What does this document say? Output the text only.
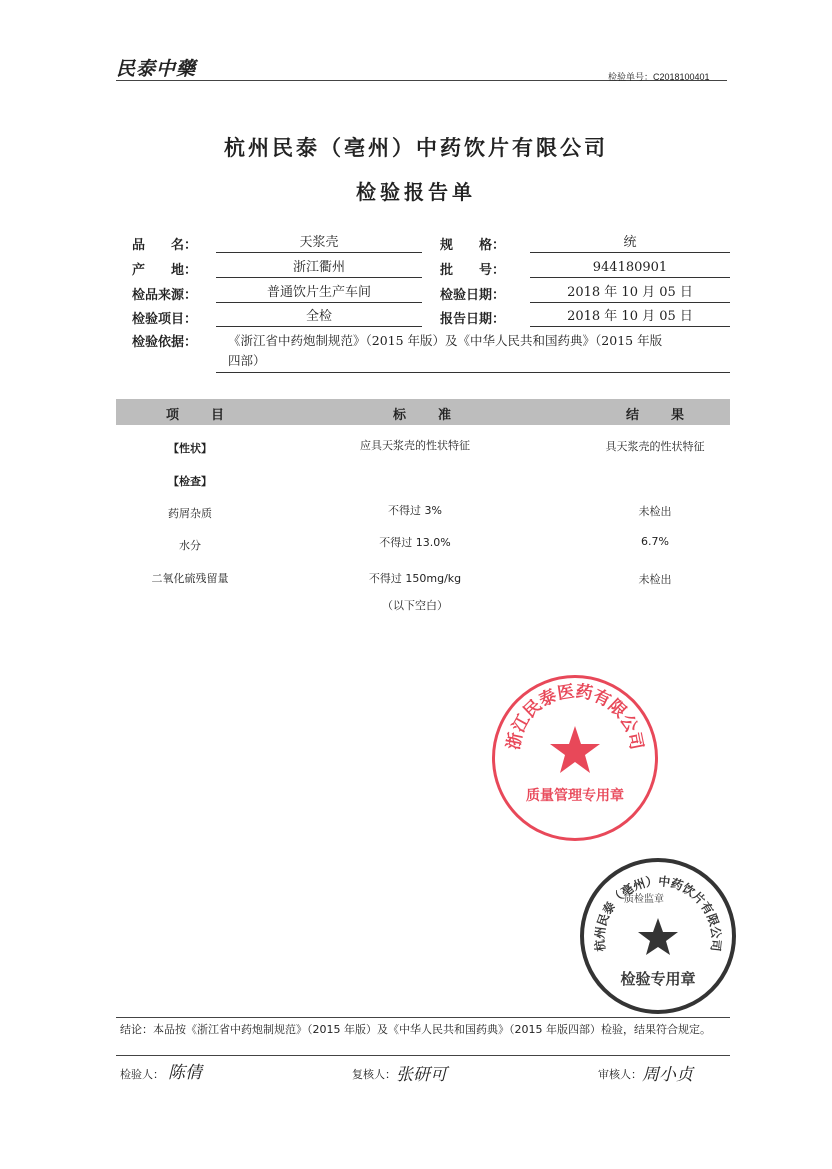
民泰中藥	检验单号：C2018100401
杭州民泰（亳州）中药饮片有限公司
检验报告单
品　　名：	天浆壳	规　　格：	统
产　　地：	浙江衢州	批　　号：	944180901
检品来源：	普通饮片生产车间	检验日期：	2018 年 10 月 05 日
检验项目：	全检	报告日期：	2018 年 10 月 05 日
检验依据： 《浙江省中药炮制规范》（2015 年版）及《中华人民共和国药典》（2015 年版
四部）
项　　目	标　　准	结　　果
【性状】	应具天浆壳的性状特征	具天浆壳的性状特征
【检查】
药屑杂质	不得过 3%	未检出
水分	不得过 13.0%	6.7%
二氧化硫残留量	不得过 150mg/kg	未检出
（以下空白）
浙江民泰医药有限公司
质量管理专用章
杭州民泰（亳州）中药饮片有限公司
检验专用章
质检监章
结论：本品按《浙江省中药炮制规范》（2015 年版）及《中华人民共和国药典》（2015 年版四部）检验，结果符合规定。
检验人： 陈倩	复核人： 张研可	审核人： 周小贞
